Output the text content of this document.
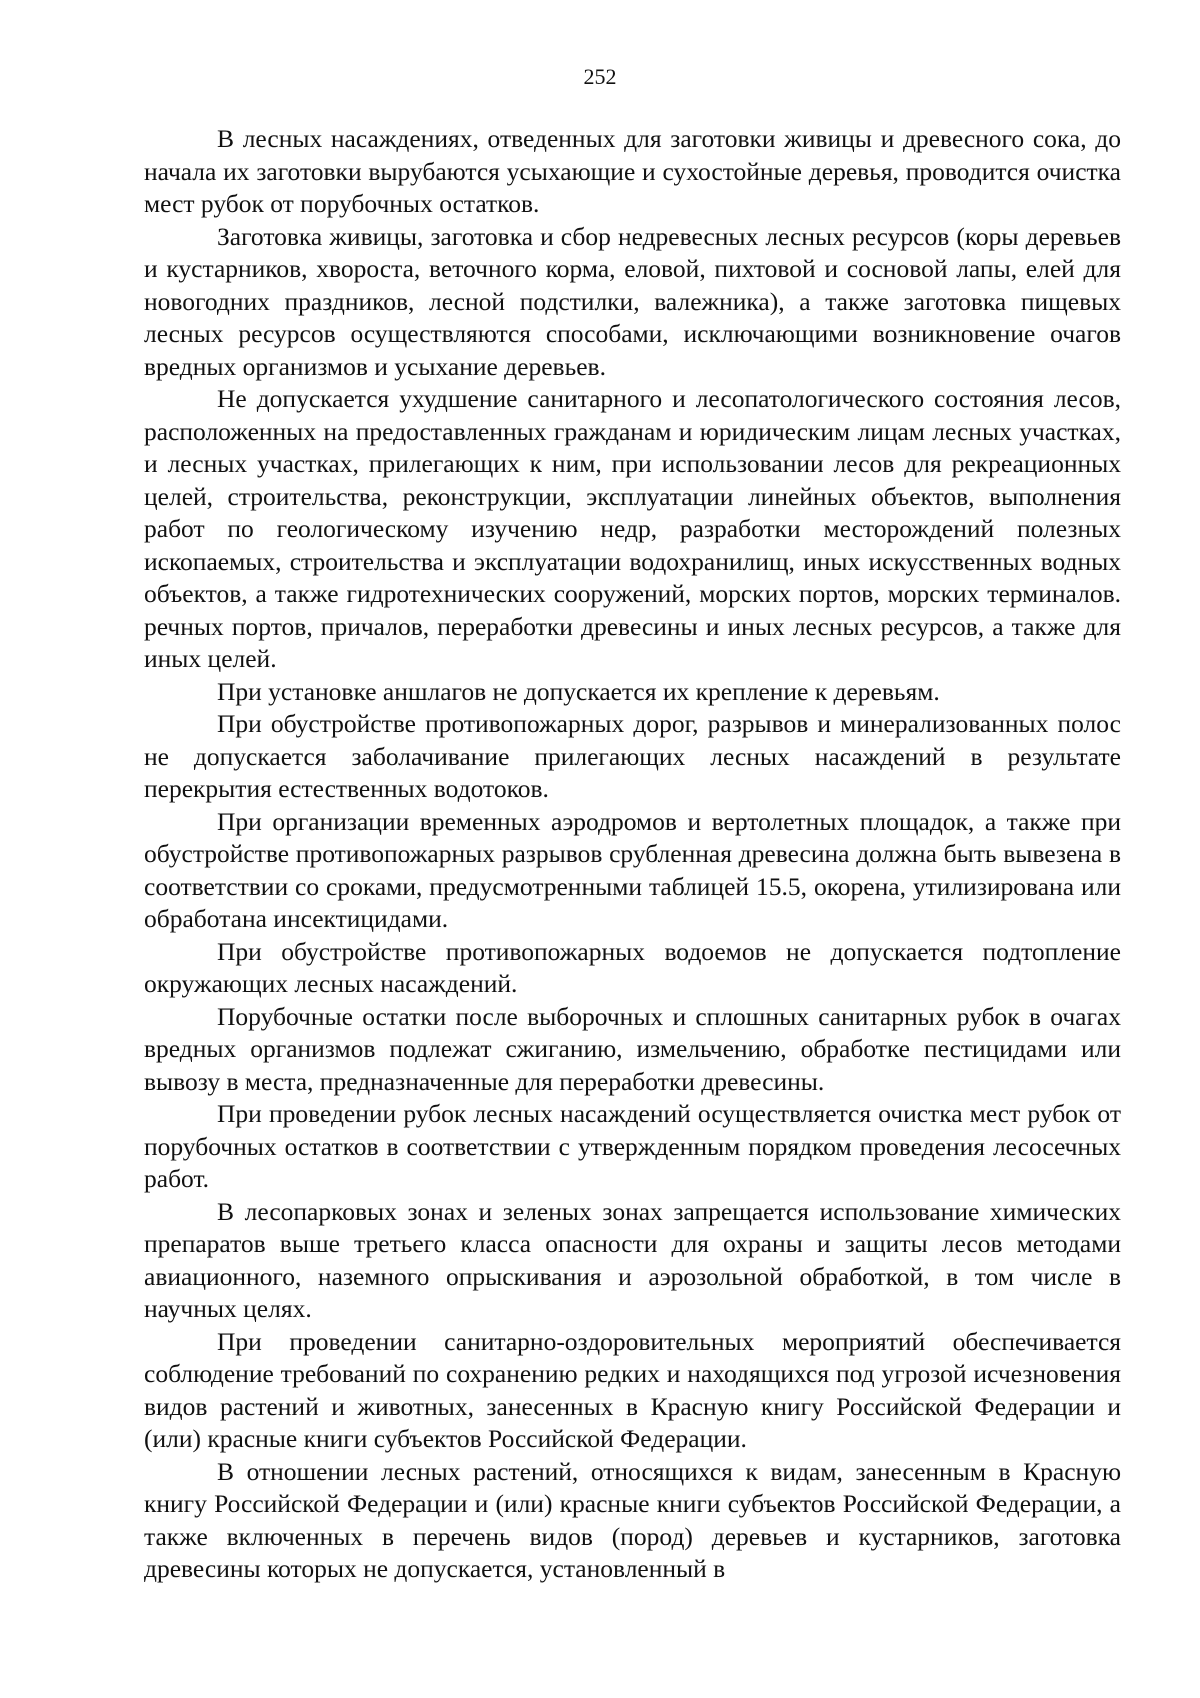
252

В лесных насаждениях, отведенных для заготовки живицы и древесного сока, до начала их заготовки вырубаются усыхающие и сухостойные деревья, проводится очистка мест рубок от порубочных остатков.

Заготовка живицы, заготовка и сбор недревесных лесных ресурсов (коры деревьев и кустарников, хвороста, веточного корма, еловой, пихтовой и сосновой лапы, елей для новогодних праздников, лесной подстилки, валежника), а также заготовка пищевых лесных ресурсов осуществляются способами, исключающими возникновение очагов вредных организмов и усыхание деревьев.

Не допускается ухудшение санитарного и лесопатологического состояния лесов, расположенных на предоставленных гражданам и юридическим лицам лесных участках, и лесных участках, прилегающих к ним, при использовании лесов для рекреационных целей, строительства, реконструкции, эксплуатации линейных объектов, выполнения работ по геологическому изучению недр, разработки месторождений полезных ископаемых, строительства и эксплуатации водохранилищ, иных искусственных водных объектов, а также гидротехнических сооружений, морских портов, морских терминалов. речных портов, причалов, переработки древесины и иных лесных ресурсов, а также для иных целей.

При установке аншлагов не допускается их крепление к деревьям.

При обустройстве противопожарных дорог, разрывов и минерализованных полос не допускается заболачивание прилегающих лесных насаждений в результате перекрытия естественных водотоков.

При организации временных аэродромов и вертолетных площадок, а также при обустройстве противопожарных разрывов срубленная древесина должна быть вывезена в соответствии со сроками, предусмотренными таблицей 15.5, окорена, утилизирована или обработана инсектицидами.

При обустройстве противопожарных водоемов не допускается подтопление окружающих лесных насаждений.

Порубочные остатки после выборочных и сплошных санитарных рубок в очагах вредных организмов подлежат сжиганию, измельчению, обработке пестицидами или вывозу в места, предназначенные для переработки древесины.

При проведении рубок лесных насаждений осуществляется очистка мест рубок от порубочных остатков в соответствии с утвержденным порядком проведения лесосечных работ.

В лесопарковых зонах и зеленых зонах запрещается использование химических препаратов выше третьего класса опасности для охраны и защиты лесов методами авиационного, наземного опрыскивания и аэрозольной обработкой, в том числе в научных целях.

При проведении санитарно-оздоровительных мероприятий обеспечивается соблюдение требований по сохранению редких и находящихся под угрозой исчезновения видов растений и животных, занесенных в Красную книгу Российской Федерации и (или) красные книги субъектов Российской Федерации.

В отношении лесных растений, относящихся к видам, занесенным в Красную книгу Российской Федерации и (или) красные книги субъектов Российской Федерации, а также включенных в перечень видов (пород) деревьев и кустарников, заготовка древесины которых не допускается, установленный в
